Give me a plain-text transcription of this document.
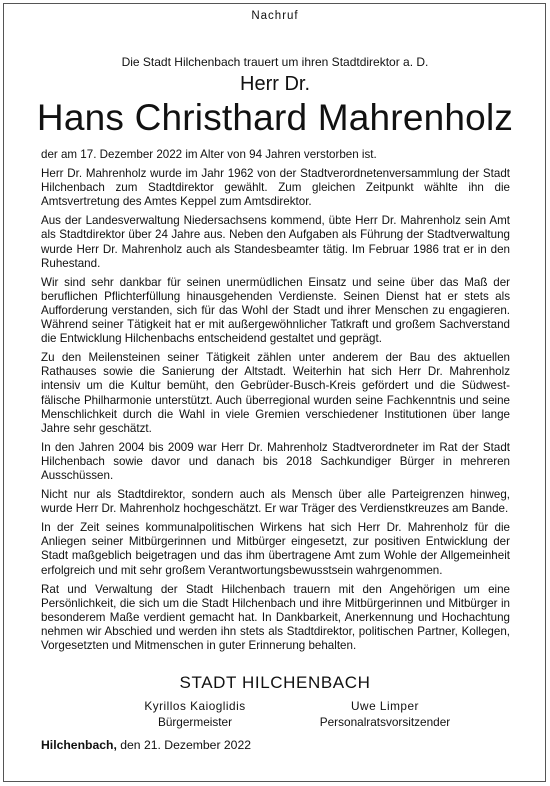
Nachruf
Die Stadt Hilchenbach trauert um ihren Stadtdirektor a. D.
Herr Dr.
Hans Christhard Mahrenholz

der am 17. Dezember 2022 im Alter von 94 Jahren verstorben ist.

Herr Dr. Mahrenholz wurde im Jahr 1962 von der Stadtverordnetenversammlung der Stadt Hilchenbach zum Stadtdirektor gewählt. Zum gleichen Zeitpunkt wählte ihn die Amtsvertretung des Amtes Keppel zum Amtsdirektor.

Aus der Landesverwaltung Niedersachsens kommend, übte Herr Dr. Mahrenholz sein Amt als Stadtdirektor über 24 Jahre aus. Neben den Aufgaben als Führung der Stadtverwaltung wurde Herr Dr. Mahrenholz auch als Standesbeamter tätig. Im Februar 1986 trat er in den Ruhestand.

Wir sind sehr dankbar für seinen unermüdlichen Einsatz und seine über das Maß der beruflichen Pflichterfüllung hinausgehenden Verdienste. Seinen Dienst hat er stets als Aufforderung verstanden, sich für das Wohl der Stadt und ihrer Menschen zu engagieren. Während seiner Tätigkeit hat er mit außergewöhnlicher Tatkraft und großem Sachverstand die Entwicklung Hilchenbachs entscheidend gestaltet und geprägt.

Zu den Meilensteinen seiner Tätigkeit zählen unter anderem der Bau des aktuellen Rathauses sowie die Sanierung der Altstadt. Weiterhin hat sich Herr Dr. Mahrenholz intensiv um die Kultur bemüht, den Gebrüder-Busch-Kreis gefördert und die Südwestfälische Philharmonie unterstützt. Auch überregional wurden seine Fachkenntnis und seine Menschlichkeit durch die Wahl in viele Gremien verschiedener Institutionen über lange Jahre sehr geschätzt.

In den Jahren 2004 bis 2009 war Herr Dr. Mahrenholz Stadtverordneter im Rat der Stadt Hilchenbach sowie davor und danach bis 2018 Sachkundiger Bürger in mehreren Ausschüssen.

Nicht nur als Stadtdirektor, sondern auch als Mensch über alle Parteigrenzen hinweg, wurde Herr Dr. Mahrenholz hochgeschätzt. Er war Träger des Verdienstkreuzes am Bande.

In der Zeit seines kommunalpolitischen Wirkens hat sich Herr Dr. Mahrenholz für die Anliegen seiner Mitbürgerinnen und Mitbürger eingesetzt, zur positiven Entwicklung der Stadt maßgeblich beigetragen und das ihm übertragene Amt zum Wohle der Allgemeinheit erfolgreich und mit sehr großem Verantwortungsbewusstsein wahrgenommen.

Rat und Verwaltung der Stadt Hilchenbach trauern mit den Angehörigen um eine Persönlichkeit, die sich um die Stadt Hilchenbach und ihre Mitbürgerinnen und Mitbürger in besonderem Maße verdient gemacht hat. In Dankbarkeit, Anerkennung und Hochachtung nehmen wir Abschied und werden ihn stets als Stadtdirektor, politischen Partner, Kollegen, Vorgesetzten und Mitmenschen in guter Erinnerung behalten.

STADT HILCHENBACH
Kyrillos Kaioglidis
Bürgermeister
Uwe Limper
Personalratsvorsitzender
Hilchenbach, den 21. Dezember 2022
